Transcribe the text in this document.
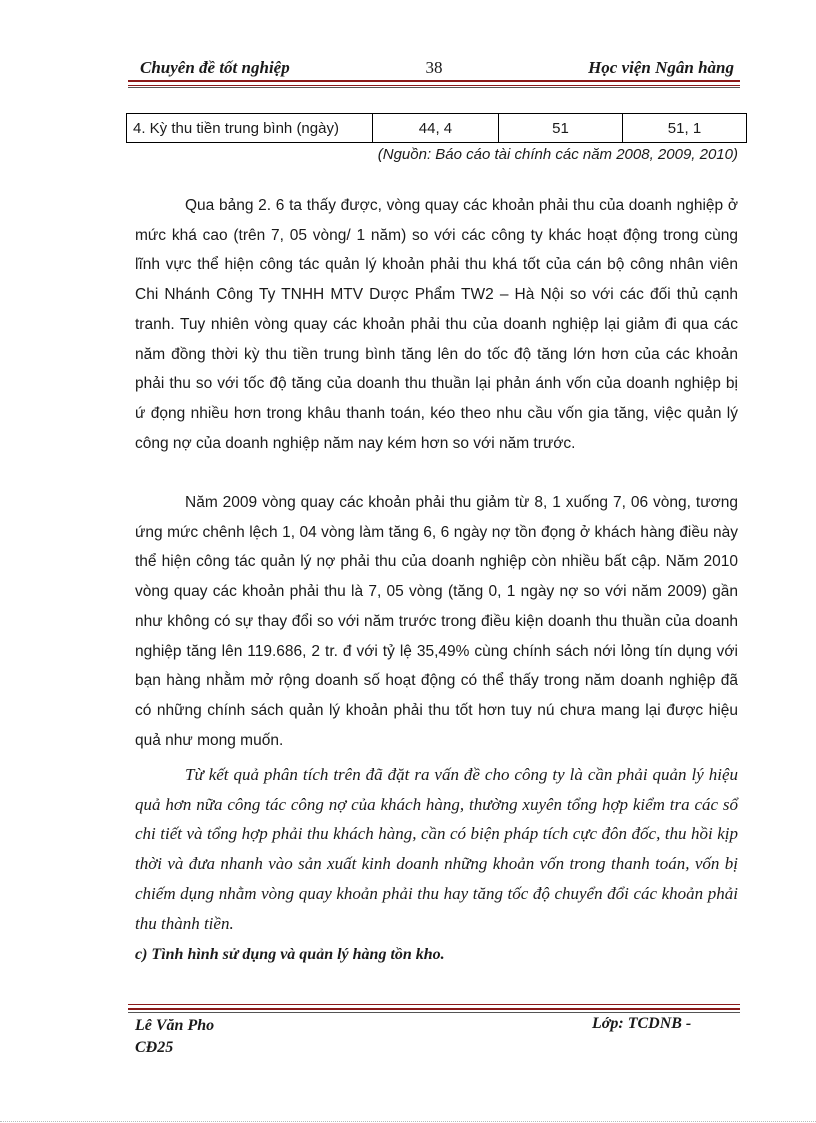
Chuyên đề tốt nghiệp	38	Học viện Ngân hàng
4. Kỳ thu tiền trung bình (ngày)	44, 4	51	51, 1
(Nguồn: Báo cáo tài chính các năm 2008, 2009, 2010)

Qua bảng 2. 6 ta thấy được, vòng quay các khoản phải thu của doanh nghiệp ở mức khá cao (trên 7, 05 vòng/ 1 năm) so với các công ty khác hoạt động trong cùng lĩnh vực thể hiện công tác quản lý khoản phải thu khá tốt của cán bộ công nhân viên Chi Nhánh Công Ty TNHH MTV Dược Phẩm TW2 – Hà Nội so với các đối thủ cạnh tranh. Tuy nhiên vòng quay các khoản phải thu của doanh nghiệp lại giảm đi qua các năm đồng thời kỳ thu tiền trung bình tăng lên do tốc độ tăng lớn hơn của các khoản phải thu so với tốc độ tăng của doanh thu thuần lại phản ánh vốn của doanh nghiệp bị ứ đọng nhiều hơn trong khâu thanh toán, kéo theo nhu cầu vốn gia tăng, việc quản lý công nợ của doanh nghiệp năm nay kém hơn so với năm trước.

Năm 2009 vòng quay các khoản phải thu giảm từ 8, 1 xuống 7, 06 vòng, tương ứng mức chênh lệch 1, 04 vòng làm tăng 6, 6 ngày nợ tồn đọng ở khách hàng điều này thể hiện công tác quản lý nợ phải thu của doanh nghiệp còn nhiều bất cập. Năm 2010 vòng quay các khoản phải thu là 7, 05 vòng (tăng 0, 1 ngày nợ so với năm 2009) gần như không có sự thay đổi so với năm trước trong điều kiện doanh thu thuần của doanh nghiệp tăng lên 119.686, 2 tr. đ với tỷ lệ 35,49% cùng chính sách nới lỏng tín dụng với bạn hàng nhằm mở rộng doanh số hoạt động có thể thấy trong năm doanh nghiệp đã có những chính sách quản lý khoản phải thu tốt hơn tuy nú chưa mang lại được hiệu quả như mong muốn.

Từ kết quả phân tích trên đã đặt ra vấn đề cho công ty là cần phải quản lý hiệu quả hơn nữa công tác công nợ của khách hàng, thường xuyên tổng hợp kiểm tra các sổ chi tiết và tổng hợp phải thu khách hàng, cần có biện pháp tích cực đôn đốc, thu hồi kịp thời và đưa nhanh vào sản xuất kinh doanh những khoản vốn trong thanh toán, vốn bị chiếm dụng nhằm vòng quay khoản phải thu hay tăng tốc độ chuyển đổi các khoản phải thu thành tiền.

c) Tình hình sử dụng và quản lý hàng tồn kho.
Lê Văn Pho
CĐ25
Lớp: TCDNB -
